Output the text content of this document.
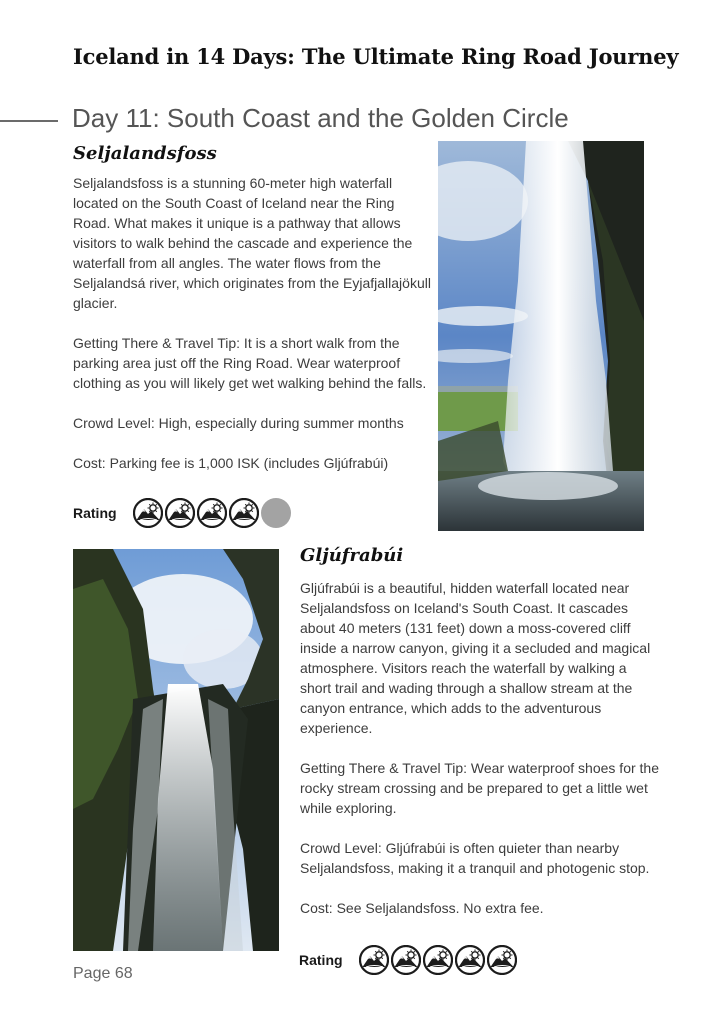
Iceland in 14 Days: The Ultimate Ring Road Journey
Day 11: South Coast and the Golden Circle
Seljalandsfoss

Seljalandsfoss is a stunning 60-meter high waterfall located on the South Coast of Iceland near the Ring Road. What makes it unique is a pathway that allows visitors to walk behind the cascade and experience the waterfall from all angles. The water flows from the Seljalandsá river, which originates from the Eyjafjallajökull glacier.

Getting There & Travel Tip: It is a short walk from the parking area just off the Ring Road. Wear waterproof clothing as you will likely get wet walking behind the falls.

Crowd Level: High, especially during summer months

Cost: Parking fee is 1,000 ISK (includes Gljúfrabúi)

Rating
Gljúfrabúi

Gljúfrabúi is a beautiful, hidden waterfall located near Seljalandsfoss on Iceland's South Coast. It cascades about 40 meters (131 feet) down a moss-covered cliff inside a narrow canyon, giving it a secluded and magical atmosphere. Visitors reach the waterfall by walking a short trail and wading through a shallow stream at the canyon entrance, which adds to the adventurous experience.

Getting There & Travel Tip: Wear waterproof shoes for the rocky stream crossing and be prepared to get a little wet while exploring.

Crowd Level: Gljúfrabúi is often quieter than nearby Seljalandsfoss, making it a tranquil and photogenic stop.

Cost: See Seljalandsfoss. No extra fee.

Rating
Page 68
